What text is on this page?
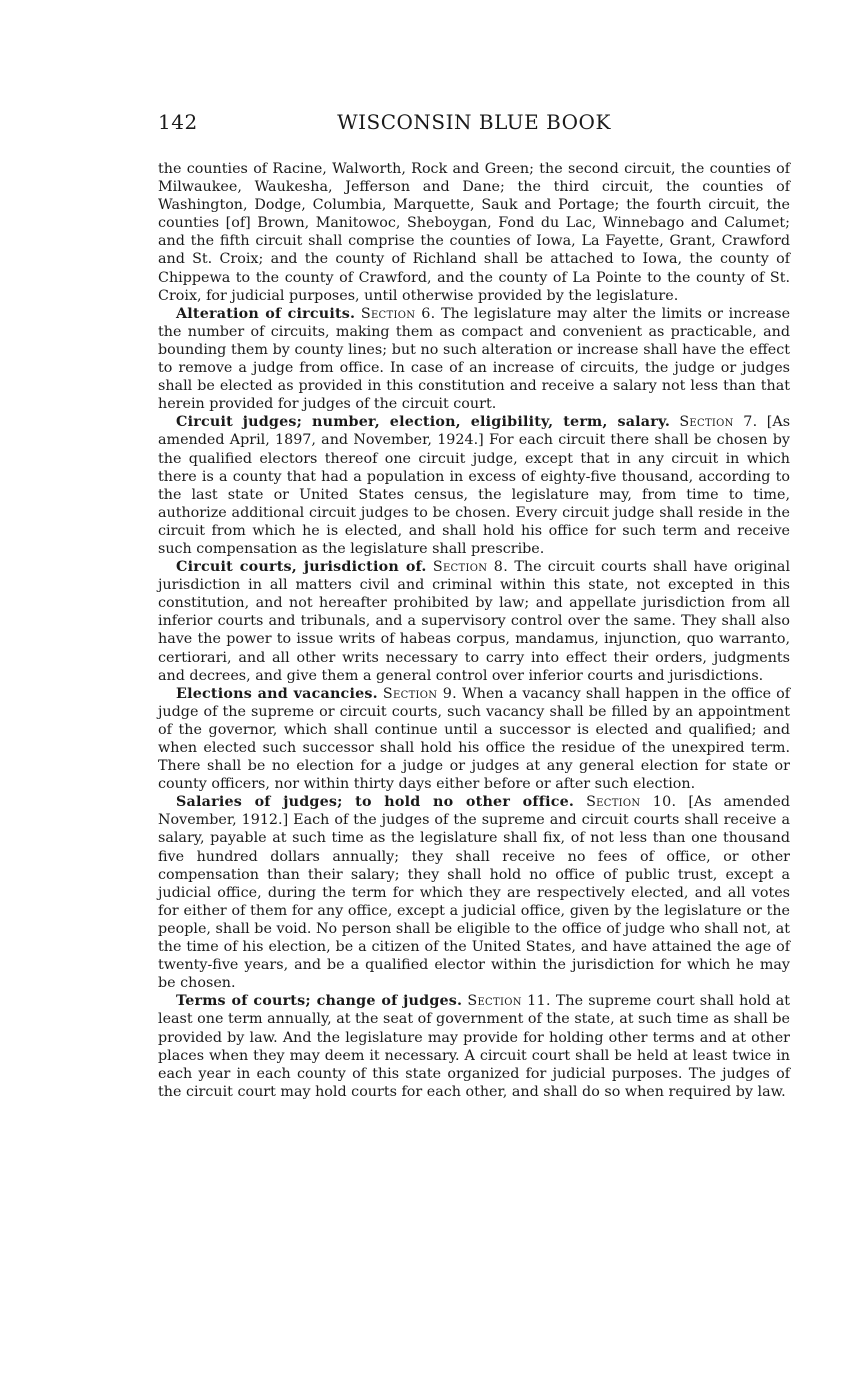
142	WISCONSIN BLUE BOOK

the counties of Racine, Walworth, Rock and Green; the second circuit, the counties of Milwaukee, Waukesha, Jefferson and Dane; the third circuit, the counties of Washington, Dodge, Columbia, Marquette, Sauk and Portage; the fourth circuit, the counties [of] Brown, Manitowoc, Sheboygan, Fond du Lac, Winnebago and Calumet; and the fifth circuit shall comprise the counties of Iowa, La Fayette, Grant, Crawford and St. Croix; and the county of Richland shall be attached to Iowa, the county of Chippewa to the county of Crawford, and the county of La Pointe to the county of St. Croix, for judicial purposes, until otherwise provided by the legislature.

Alteration of circuits. Section 6. The legislature may alter the limits or increase the number of circuits, making them as compact and convenient as practicable, and bounding them by county lines; but no such alteration or increase shall have the effect to remove a judge from office. In case of an increase of circuits, the judge or judges shall be elected as provided in this constitution and receive a salary not less than that herein provided for judges of the circuit court.

Circuit judges; number, election, eligibility, term, salary. Section 7. [As amended April, 1897, and November, 1924.] For each circuit there shall be chosen by the qualified electors thereof one circuit judge, except that in any circuit in which there is a county that had a population in excess of eighty-five thousand, according to the last state or United States census, the legislature may, from time to time, authorize additional circuit judges to be chosen. Every circuit judge shall reside in the circuit from which he is elected, and shall hold his office for such term and receive such compensation as the legislature shall prescribe.

Circuit courts, jurisdiction of. Section 8. The circuit courts shall have original jurisdiction in all matters civil and criminal within this state, not excepted in this constitution, and not hereafter prohibited by law; and appellate jurisdiction from all inferior courts and tribunals, and a supervisory control over the same. They shall also have the power to issue writs of habeas corpus, mandamus, injunction, quo warranto, certiorari, and all other writs necessary to carry into effect their orders, judgments and decrees, and give them a general control over inferior courts and jurisdictions.

Elections and vacancies. Section 9. When a vacancy shall happen in the office of judge of the supreme or circuit courts, such vacancy shall be filled by an appointment of the governor, which shall continue until a successor is elected and qualified; and when elected such successor shall hold his office the residue of the unexpired term. There shall be no election for a judge or judges at any general election for state or county officers, nor within thirty days either before or after such election.

Salaries of judges; to hold no other office. Section 10. [As amended November, 1912.] Each of the judges of the supreme and circuit courts shall receive a salary, payable at such time as the legislature shall fix, of not less than one thousand five hundred dollars annually; they shall receive no fees of office, or other compensation than their salary; they shall hold no office of public trust, except a judicial office, during the term for which they are respectively elected, and all votes for either of them for any office, except a judicial office, given by the legislature or the people, shall be void. No person shall be eligible to the office of judge who shall not, at the time of his election, be a citizen of the United States, and have attained the age of twenty-five years, and be a qualified elector within the jurisdiction for which he may be chosen.

Terms of courts; change of judges. Section 11. The supreme court shall hold at least one term annually, at the seat of government of the state, at such time as shall be provided by law. And the legislature may provide for holding other terms and at other places when they may deem it necessary. A circuit court shall be held at least twice in each year in each county of this state organized for judicial purposes. The judges of the circuit court may hold courts for each other, and shall do so when required by law.
